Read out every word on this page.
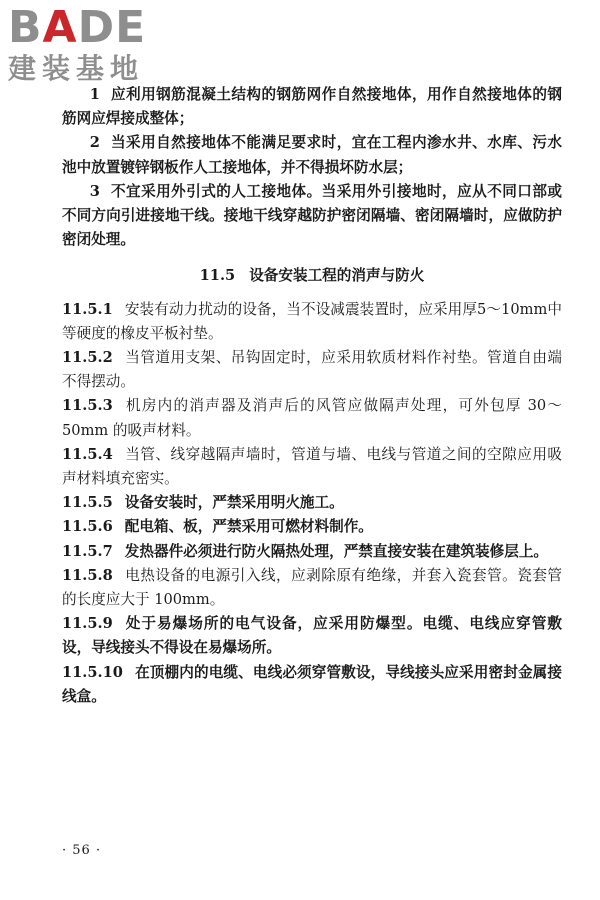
BADE
建装基地

1 应利用钢筋混凝土结构的钢筋网作自然接地体，用作自然接地体的钢筋网应焊接成整体；

2 当采用自然接地体不能满足要求时，宜在工程内渗水井、水库、污水池中放置镀锌钢板作人工接地体，并不得损坏防水层；

3 不宜采用外引式的人工接地体。当采用外引接地时，应从不同口部或不同方向引进接地干线。接地干线穿越防护密闭隔墙、密闭隔墙时，应做防护密闭处理。

11.5 设备安装工程的消声与防火

11.5.1 安装有动力扰动的设备，当不设减震装置时，应采用厚5～10mm中等硬度的橡皮平板衬垫。

11.5.2 当管道用支架、吊钩固定时，应采用软质材料作衬垫。管道自由端不得摆动。

11.5.3 机房内的消声器及消声后的风管应做隔声处理，可外包厚 30～50mm 的吸声材料。

11.5.4 当管、线穿越隔声墙时，管道与墙、电线与管道之间的空隙应用吸声材料填充密实。

11.5.5 设备安装时，严禁采用明火施工。

11.5.6 配电箱、板，严禁采用可燃材料制作。

11.5.7 发热器件必须进行防火隔热处理，严禁直接安装在建筑装修层上。

11.5.8 电热设备的电源引入线，应剥除原有绝缘，并套入瓷套管。瓷套管的长度应大于 100mm。

11.5.9 处于易爆场所的电气设备，应采用防爆型。电缆、电线应穿管敷设，导线接头不得设在易爆场所。

11.5.10 在顶棚内的电缆、电线必须穿管敷设，导线接头应采用密封金属接线盒。

· 56 ·
